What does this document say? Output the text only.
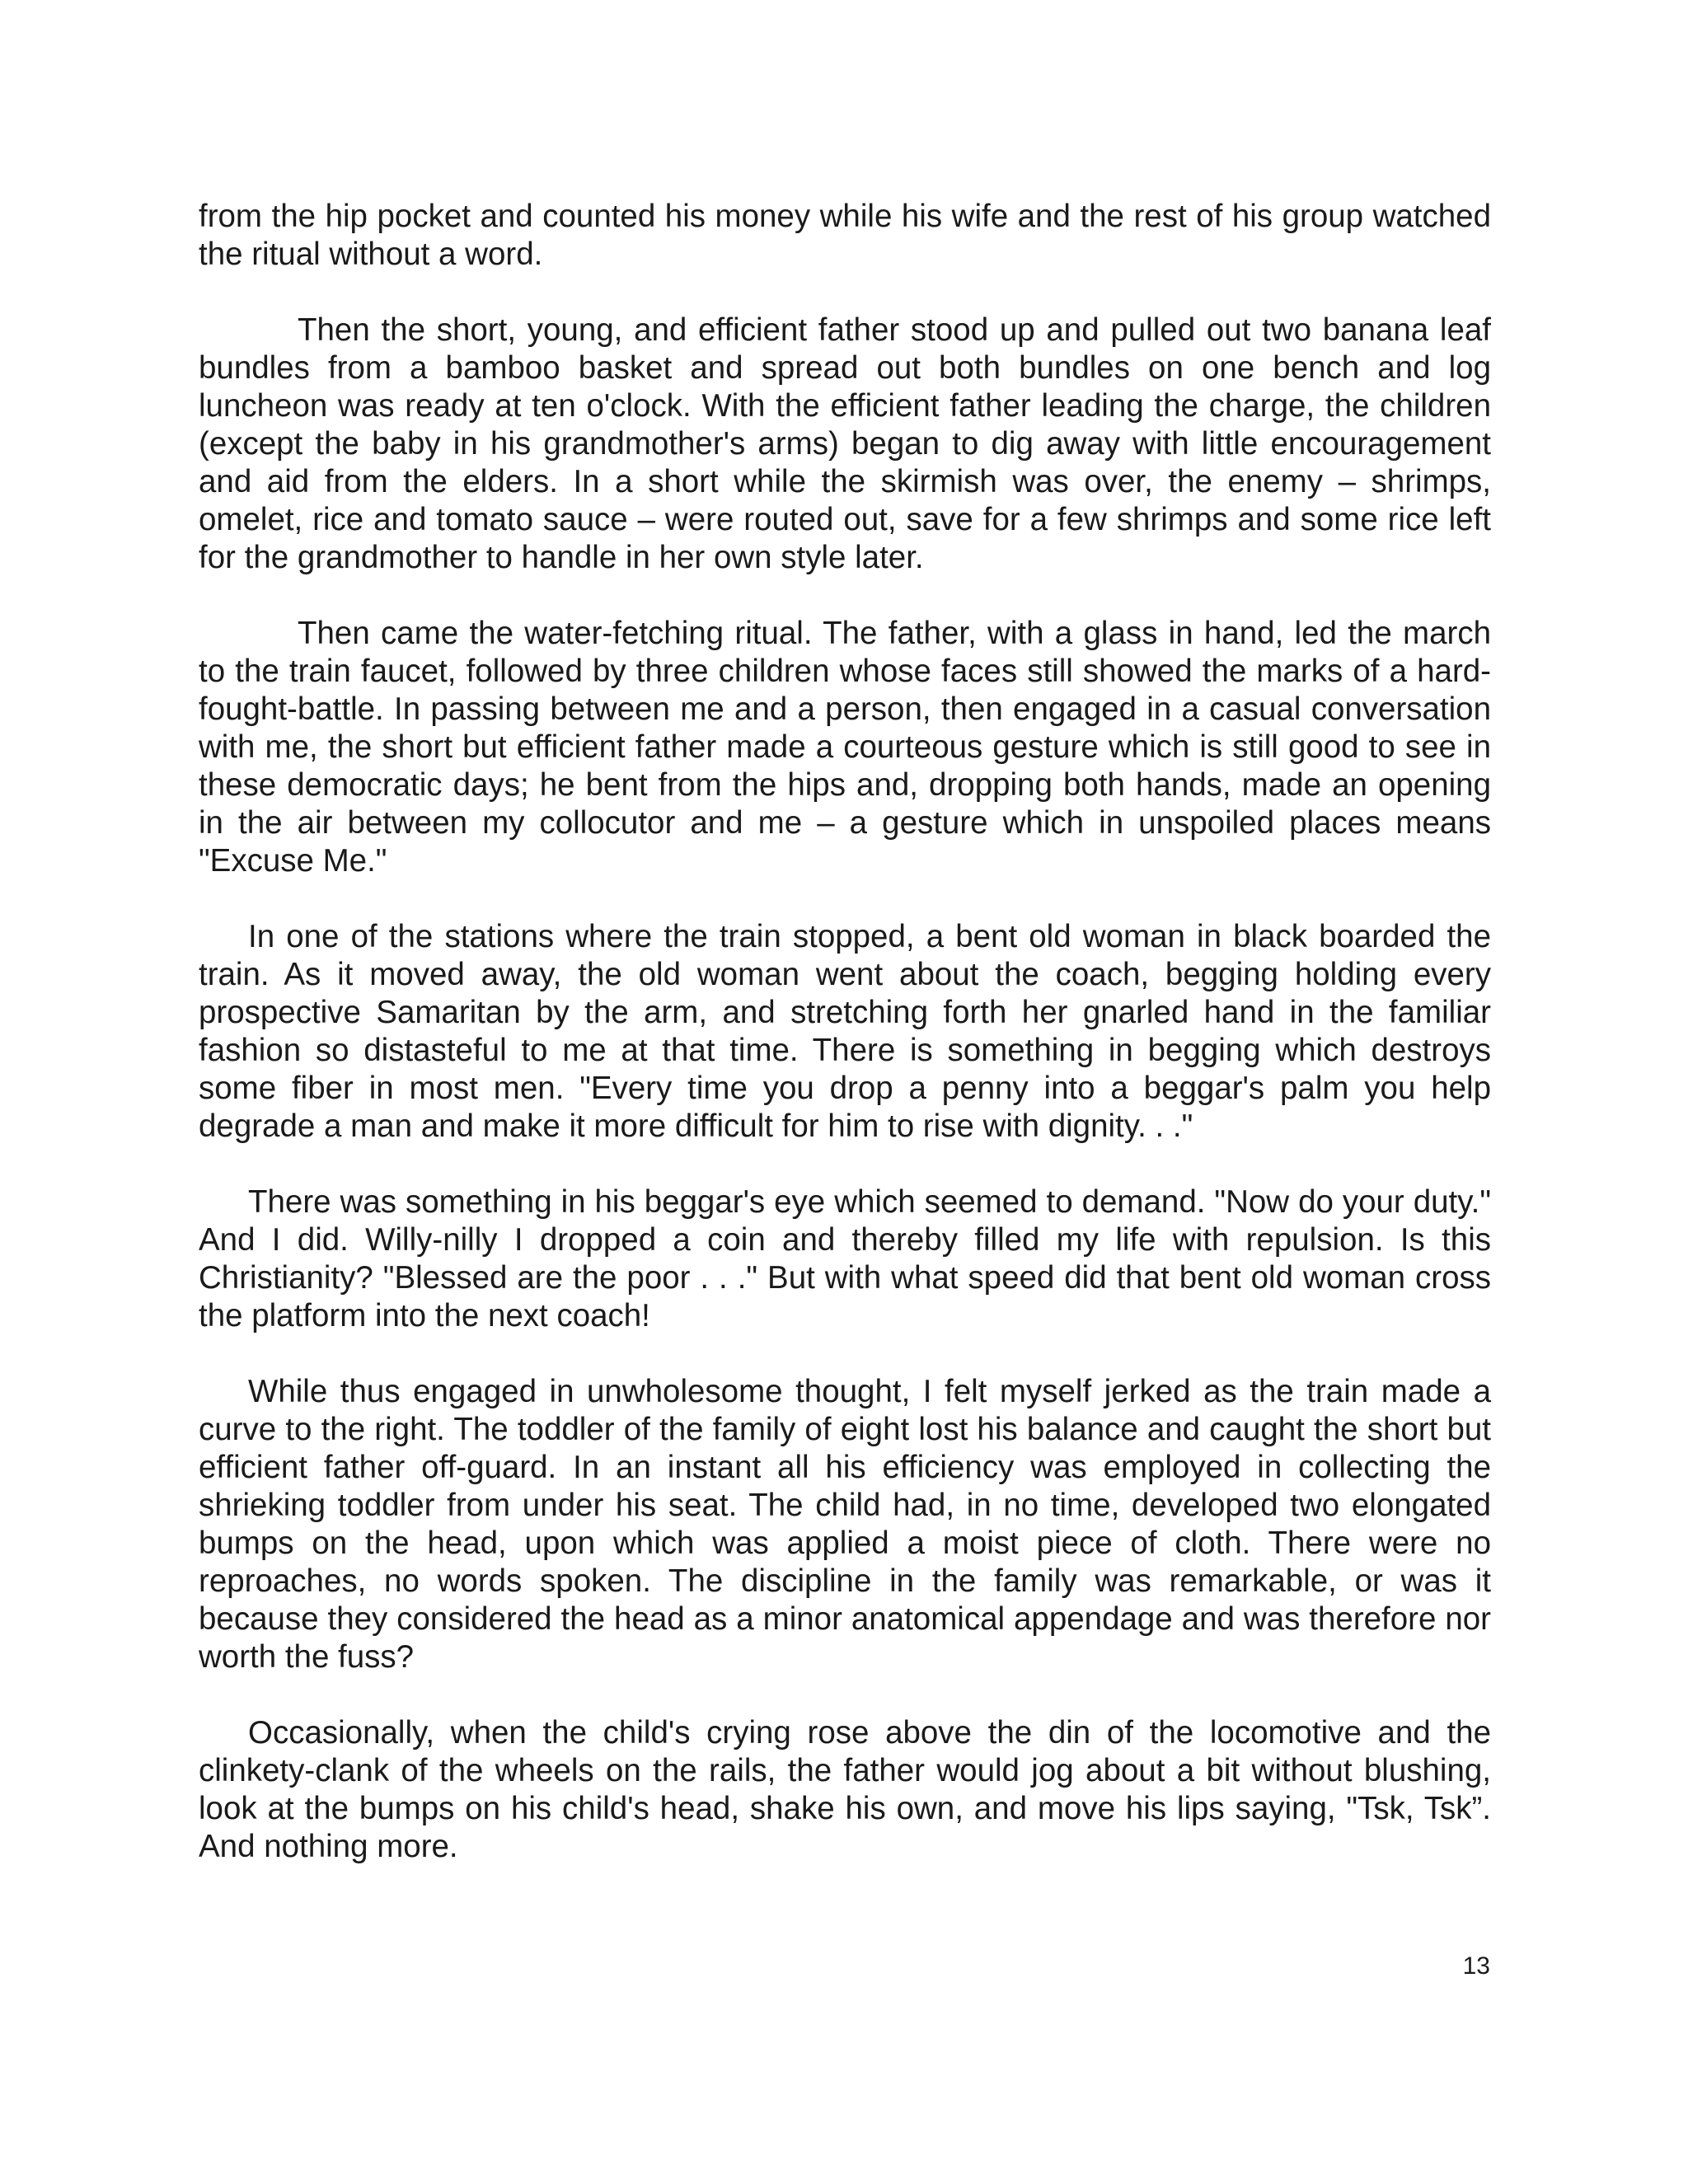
from the hip pocket and counted his money while his wife and the rest of his group watched the ritual without a word.

Then the short, young, and efficient father stood up and pulled out two banana leaf bundles from a bamboo basket and spread out both bundles on one bench and log luncheon was ready at ten o'clock. With the efficient father leading the charge, the children (except the baby in his grandmother's arms) began to dig away with little encouragement and aid from the elders. In a short while the skirmish was over, the enemy – shrimps, omelet, rice and tomato sauce – were routed out, save for a few shrimps and some rice left for the grandmother to handle in her own style later.

Then came the water-fetching ritual. The father, with a glass in hand, led the march to the train faucet, followed by three children whose faces still showed the marks of a hard-fought-battle. In passing between me and a person, then engaged in a casual conversation with me, the short but efficient father made a courteous gesture which is still good to see in these democratic days; he bent from the hips and, dropping both hands, made an opening in the air between my collocutor and me – a gesture which in unspoiled places means "Excuse Me."

In one of the stations where the train stopped, a bent old woman in black boarded the train. As it moved away, the old woman went about the coach, begging holding every prospective Samaritan by the arm, and stretching forth her gnarled hand in the familiar fashion so distasteful to me at that time. There is something in begging which destroys some fiber in most men. "Every time you drop a penny into a beggar's palm you help degrade a man and make it more difficult for him to rise with dignity. . ."

There was something in his beggar's eye which seemed to demand. "Now do your duty." And I did. Willy-nilly I dropped a coin and thereby filled my life with repulsion. Is this Christianity? "Blessed are the poor . . ." But with what speed did that bent old woman cross the platform into the next coach!

While thus engaged in unwholesome thought, I felt myself jerked as the train made a curve to the right. The toddler of the family of eight lost his balance and caught the short but efficient father off-guard. In an instant all his efficiency was employed in collecting the shrieking toddler from under his seat. The child had, in no time, developed two elongated bumps on the head, upon which was applied a moist piece of cloth. There were no reproaches, no words spoken. The discipline in the family was remarkable, or was it because they considered the head as a minor anatomical appendage and was therefore nor worth the fuss?

Occasionally, when the child's crying rose above the din of the locomotive and the clinkety-clank of the wheels on the rails, the father would jog about a bit without blushing, look at the bumps on his child's head, shake his own, and move his lips saying, "Tsk, Tsk”. And nothing more.

13
